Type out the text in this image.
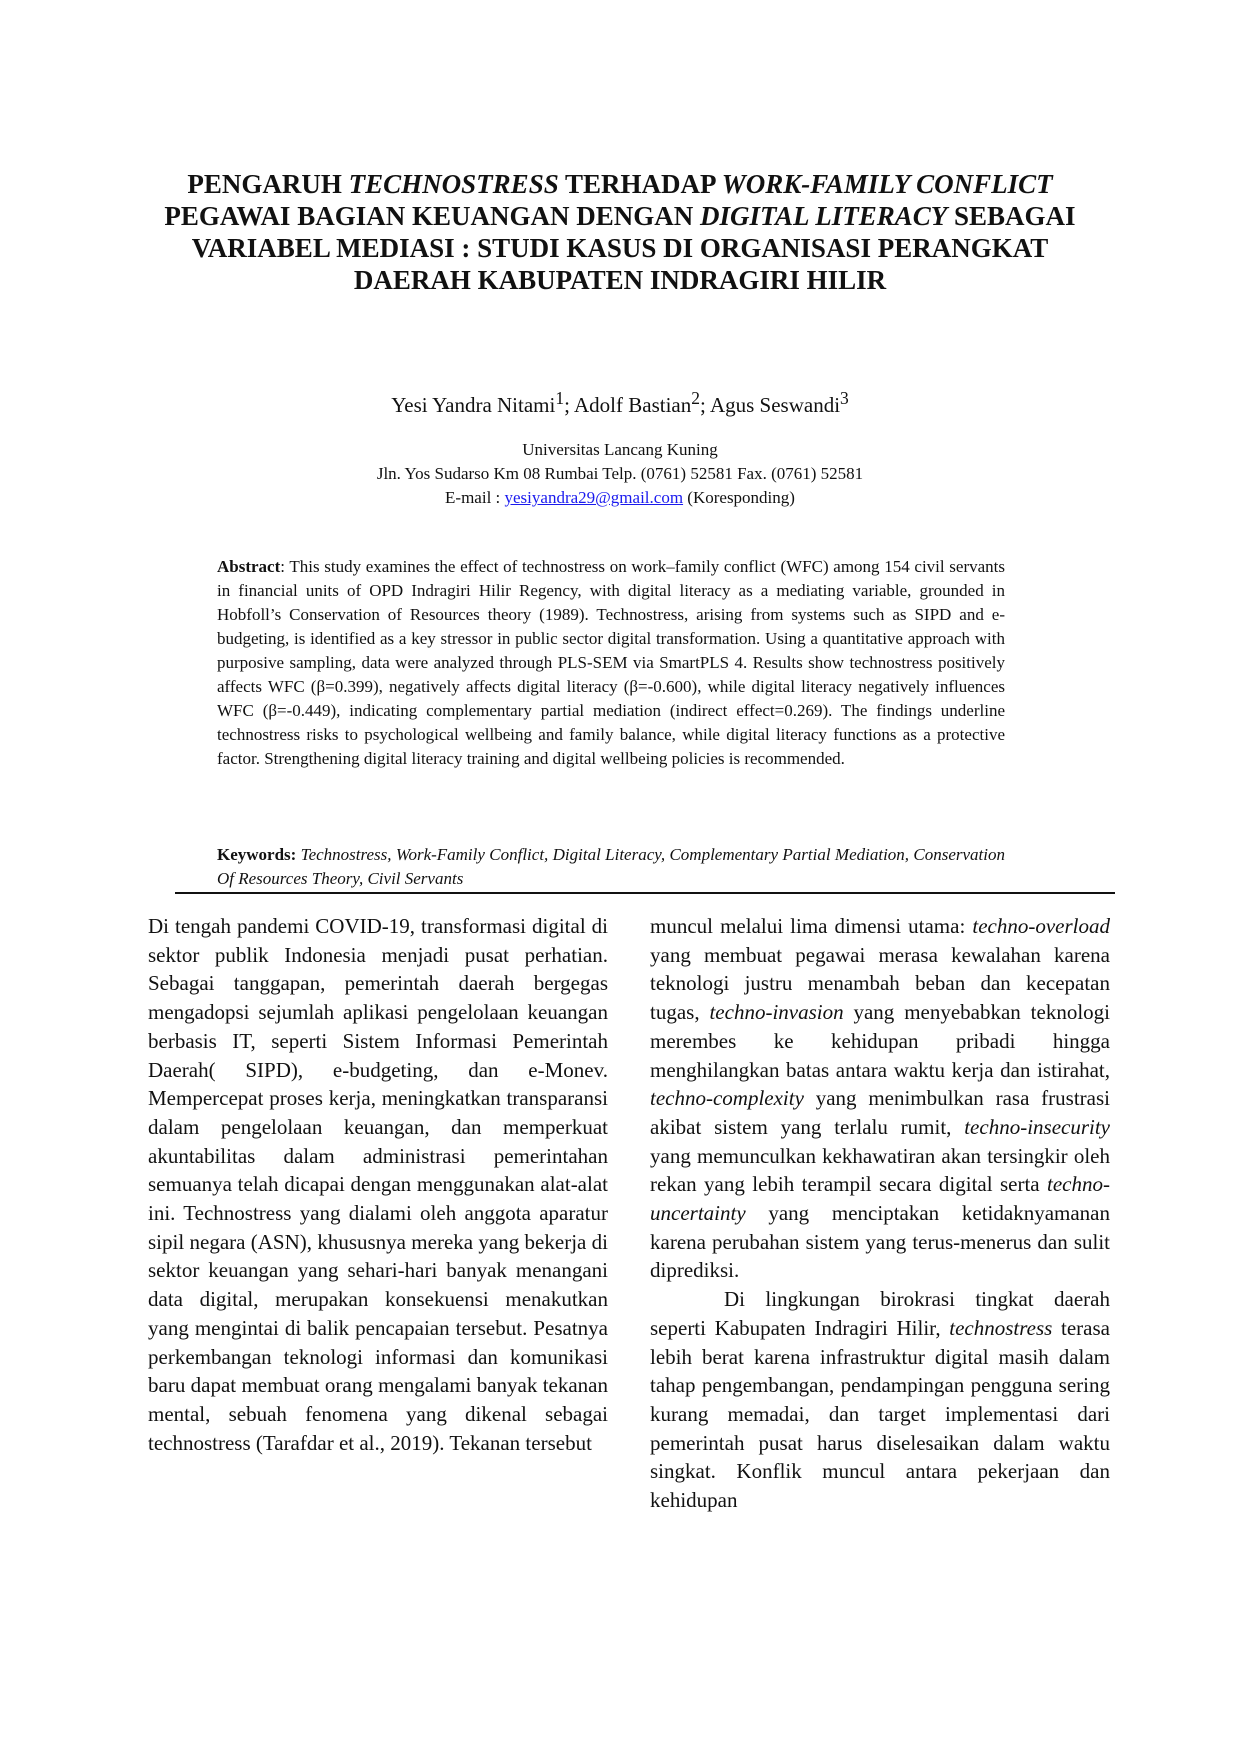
PENGARUH TECHNOSTRESS TERHADAP WORK-FAMILY CONFLICT PEGAWAI BAGIAN KEUANGAN DENGAN DIGITAL LITERACY SEBAGAI VARIABEL MEDIASI : STUDI KASUS DI ORGANISASI PERANGKAT DAERAH KABUPATEN INDRAGIRI HILIR
Yesi Yandra Nitami$^1$; Adolf Bastian$^2$; Agus Seswandi$^3$
Universitas Lancang Kuning
Jln. Yos Sudarso Km 08 Rumbai Telp. (0761) 52581 Fax. (0761) 52581
E-mail : yesiyandra29@gmail.com (Koresponding)

Abstract: This study examines the effect of technostress on work–family conflict (WFC) among 154 civil servants in financial units of OPD Indragiri Hilir Regency, with digital literacy as a mediating variable, grounded in Hobfoll’s Conservation of Resources theory (1989). Technostress, arising from systems such as SIPD and e-budgeting, is identified as a key stressor in public sector digital transformation. Using a quantitative approach with purposive sampling, data were analyzed through PLS-SEM via SmartPLS 4. Results show technostress positively affects WFC (β=0.399), negatively affects digital literacy (β=-0.600), while digital literacy negatively influences WFC (β=-0.449), indicating complementary partial mediation (indirect effect=0.269). The findings underline technostress risks to psychological wellbeing and family balance, while digital literacy functions as a protective factor. Strengthening digital literacy training and digital wellbeing policies is recommended.

Keywords: Technostress, Work-Family Conflict, Digital Literacy, Complementary Partial Mediation, Conservation Of Resources Theory, Civil Servants

Di tengah pandemi COVID-19, transformasi digital di sektor publik Indonesia menjadi pusat perhatian. Sebagai tanggapan, pemerintah daerah bergegas mengadopsi sejumlah aplikasi pengelolaan keuangan berbasis IT, seperti Sistem Informasi Pemerintah Daerah( SIPD), e-budgeting, dan e-Monev. Mempercepat proses kerja, meningkatkan transparansi dalam pengelolaan keuangan, dan memperkuat akuntabilitas dalam administrasi pemerintahan semuanya telah dicapai dengan menggunakan alat-alat ini. Technostress yang dialami oleh anggota aparatur sipil negara (ASN), khususnya mereka yang bekerja di sektor keuangan yang sehari-hari banyak menangani data digital, merupakan konsekuensi menakutkan yang mengintai di balik pencapaian tersebut. Pesatnya perkembangan teknologi informasi dan komunikasi baru dapat membuat orang mengalami banyak tekanan mental, sebuah fenomena yang dikenal sebagai technostress (Tarafdar et al., 2019). Tekanan tersebut

muncul melalui lima dimensi utama: techno-overload yang membuat pegawai merasa kewalahan karena teknologi justru menambah beban dan kecepatan tugas, techno-invasion yang menyebabkan teknologi merembes ke kehidupan pribadi hingga menghilangkan batas antara waktu kerja dan istirahat, techno-complexity yang menimbulkan rasa frustrasi akibat sistem yang terlalu rumit, techno-insecurity yang memunculkan kekhawatiran akan tersingkir oleh rekan yang lebih terampil secara digital serta techno-uncertainty yang menciptakan ketidaknyamanan karena perubahan sistem yang terus-menerus dan sulit diprediksi.

Di lingkungan birokrasi tingkat daerah seperti Kabupaten Indragiri Hilir, technostress terasa lebih berat karena infrastruktur digital masih dalam tahap pengembangan, pendampingan pengguna sering kurang memadai, dan target implementasi dari pemerintah pusat harus diselesaikan dalam waktu singkat. Konflik muncul antara pekerjaan dan kehidupan
